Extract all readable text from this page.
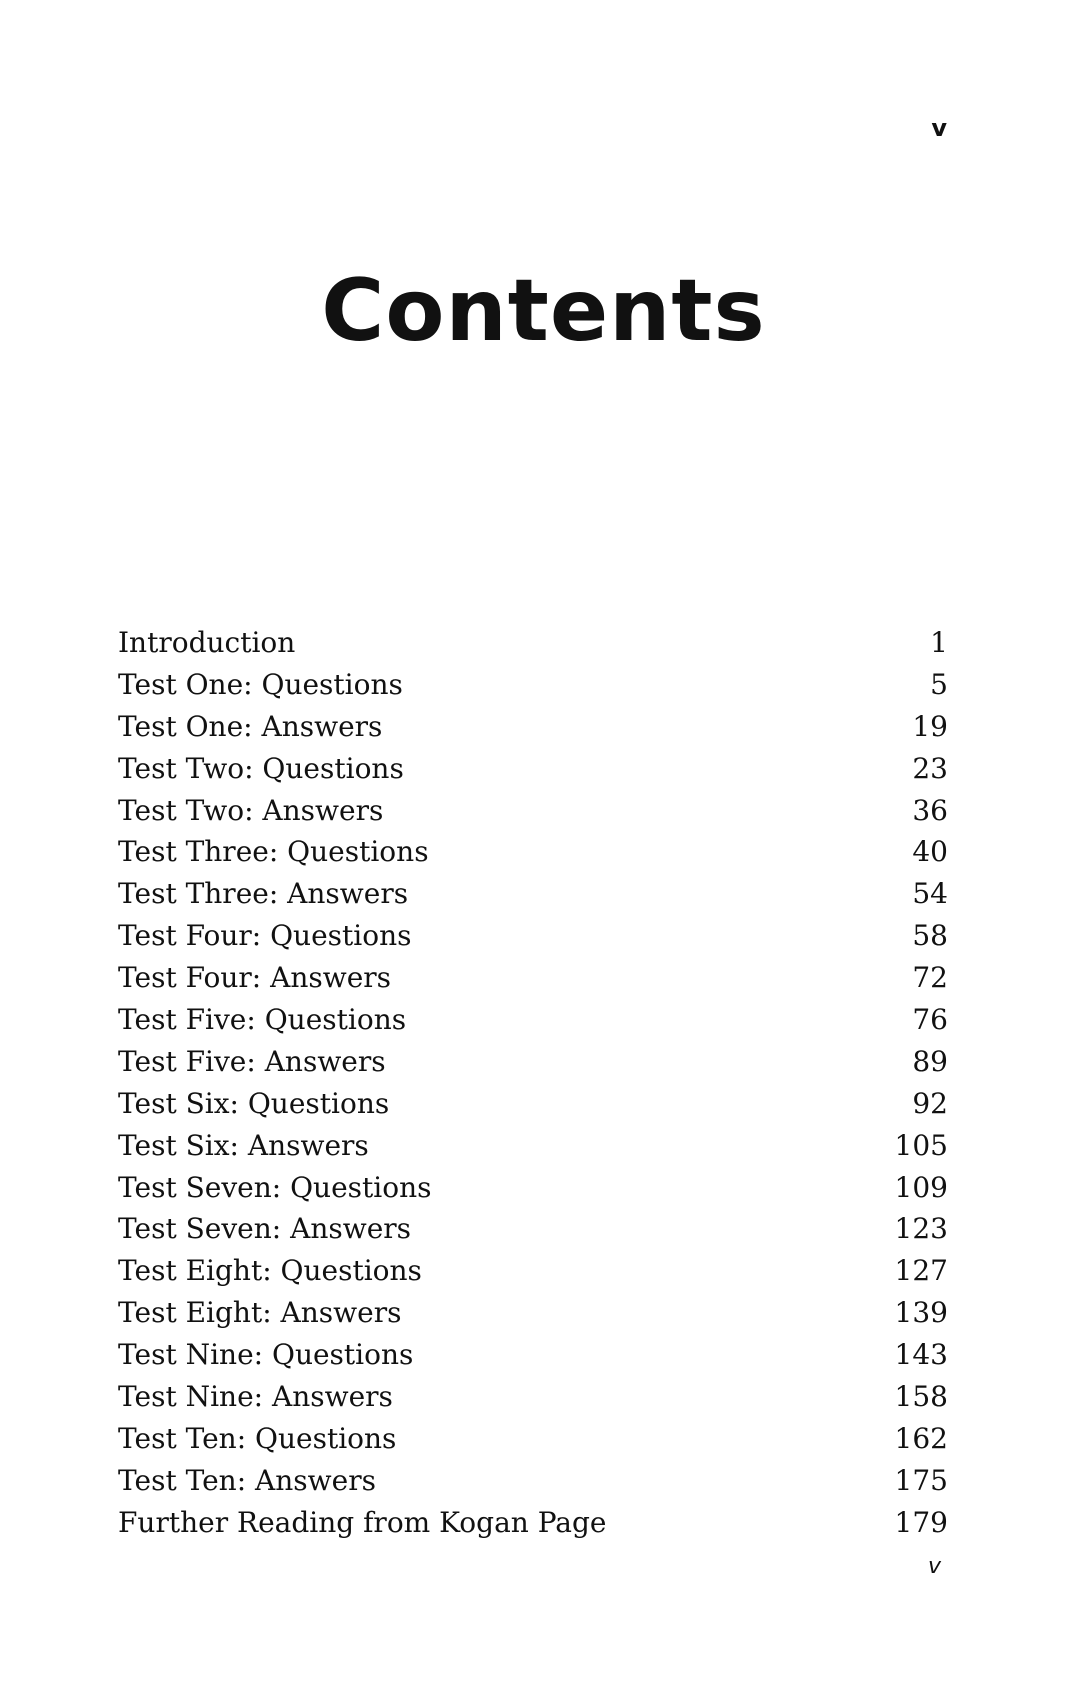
v
Contents
Introduction	1
Test One: Questions	5
Test One: Answers	19
Test Two: Questions	23
Test Two: Answers	36
Test Three: Questions	40
Test Three: Answers	54
Test Four: Questions	58
Test Four: Answers	72
Test Five: Questions	76
Test Five: Answers	89
Test Six: Questions	92
Test Six: Answers	105
Test Seven: Questions	109
Test Seven: Answers	123
Test Eight: Questions	127
Test Eight: Answers	139
Test Nine: Questions	143
Test Nine: Answers	158
Test Ten: Questions	162
Test Ten: Answers	175
Further Reading from Kogan Page	179
v
